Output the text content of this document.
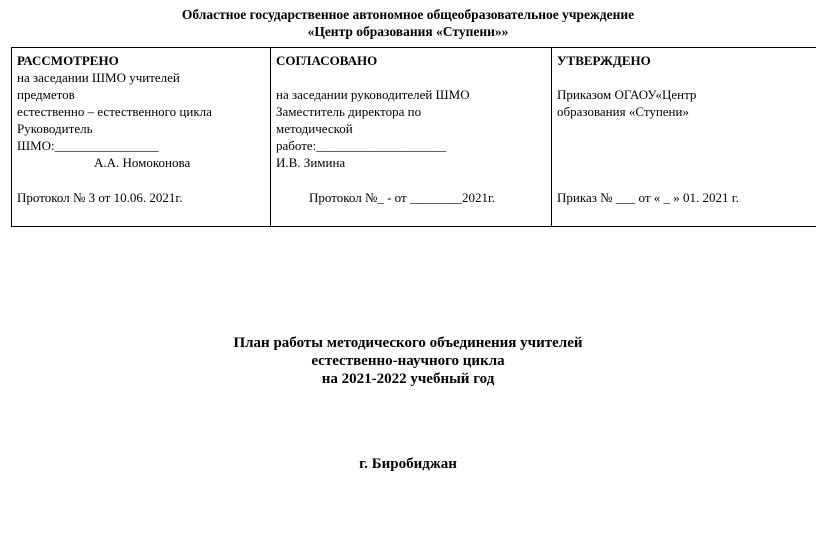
Областное государственное автономное общеобразовательное учреждение
«Центр образования «Ступени»»
РАССМОТРЕНО
на заседании ШМО учителей
предметов
естественно – естественного цикла
Руководитель
ШМО:________________
А.А. Номоконова
Протокол № 3 от 10.06. 2021г.

СОГЛАСОВАНО

на заседании руководителей ШМО
Заместитель директора по
методической
работе:____________________
И.В. Зимина
Протокол №_ - от ________2021г.

УТВЕРЖДЕНО

Приказом ОГАОУ«Центр
образования «Ступени»
Приказ № ___ от « _ » 01. 2021 г.
План работы методического объединения учителей
естественно-научного цикла
на 2021-2022 учебный год
г. Биробиджан
